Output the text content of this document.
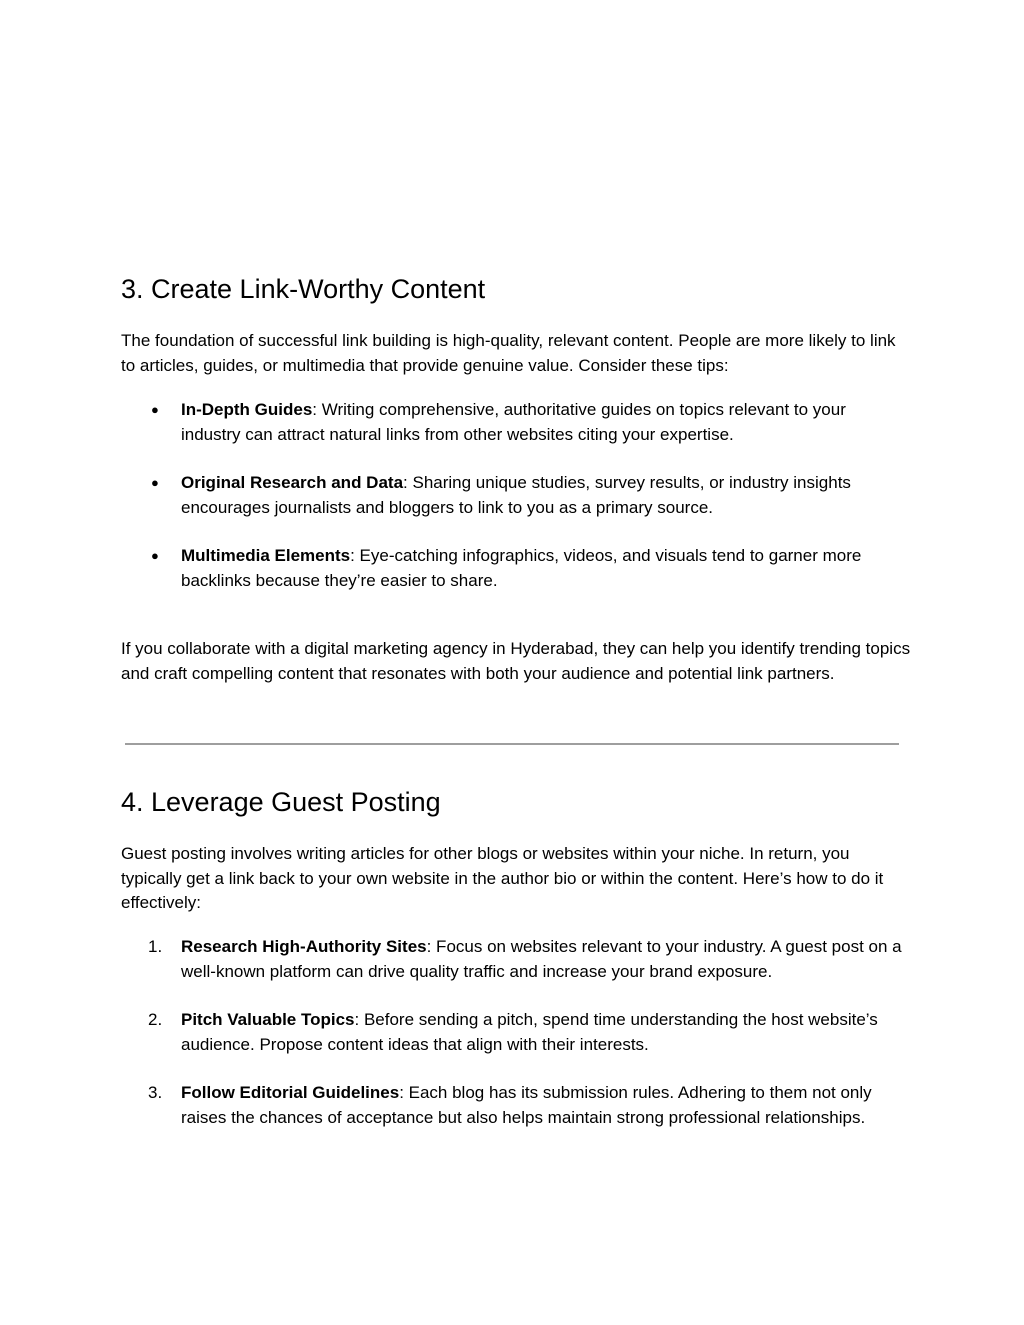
3. Create Link-Worthy Content

The foundation of successful link building is high-quality, relevant content. People are more likely to link to articles, guides, or multimedia that provide genuine value. Consider these tips:

● In-Depth Guides: Writing comprehensive, authoritative guides on topics relevant to your industry can attract natural links from other websites citing your expertise.
● Original Research and Data: Sharing unique studies, survey results, or industry insights encourages journalists and bloggers to link to you as a primary source.
● Multimedia Elements: Eye-catching infographics, videos, and visuals tend to garner more backlinks because they’re easier to share.

If you collaborate with a digital marketing agency in Hyderabad, they can help you identify trending topics and craft compelling content that resonates with both your audience and potential link partners.

4. Leverage Guest Posting

Guest posting involves writing articles for other blogs or websites within your niche. In return, you typically get a link back to your own website in the author bio or within the content. Here’s how to do it effectively:

1. Research High-Authority Sites: Focus on websites relevant to your industry. A guest post on a well-known platform can drive quality traffic and increase your brand exposure.
2. Pitch Valuable Topics: Before sending a pitch, spend time understanding the host website’s audience. Propose content ideas that align with their interests.
3. Follow Editorial Guidelines: Each blog has its submission rules. Adhering to them not only raises the chances of acceptance but also helps maintain strong professional relationships.
